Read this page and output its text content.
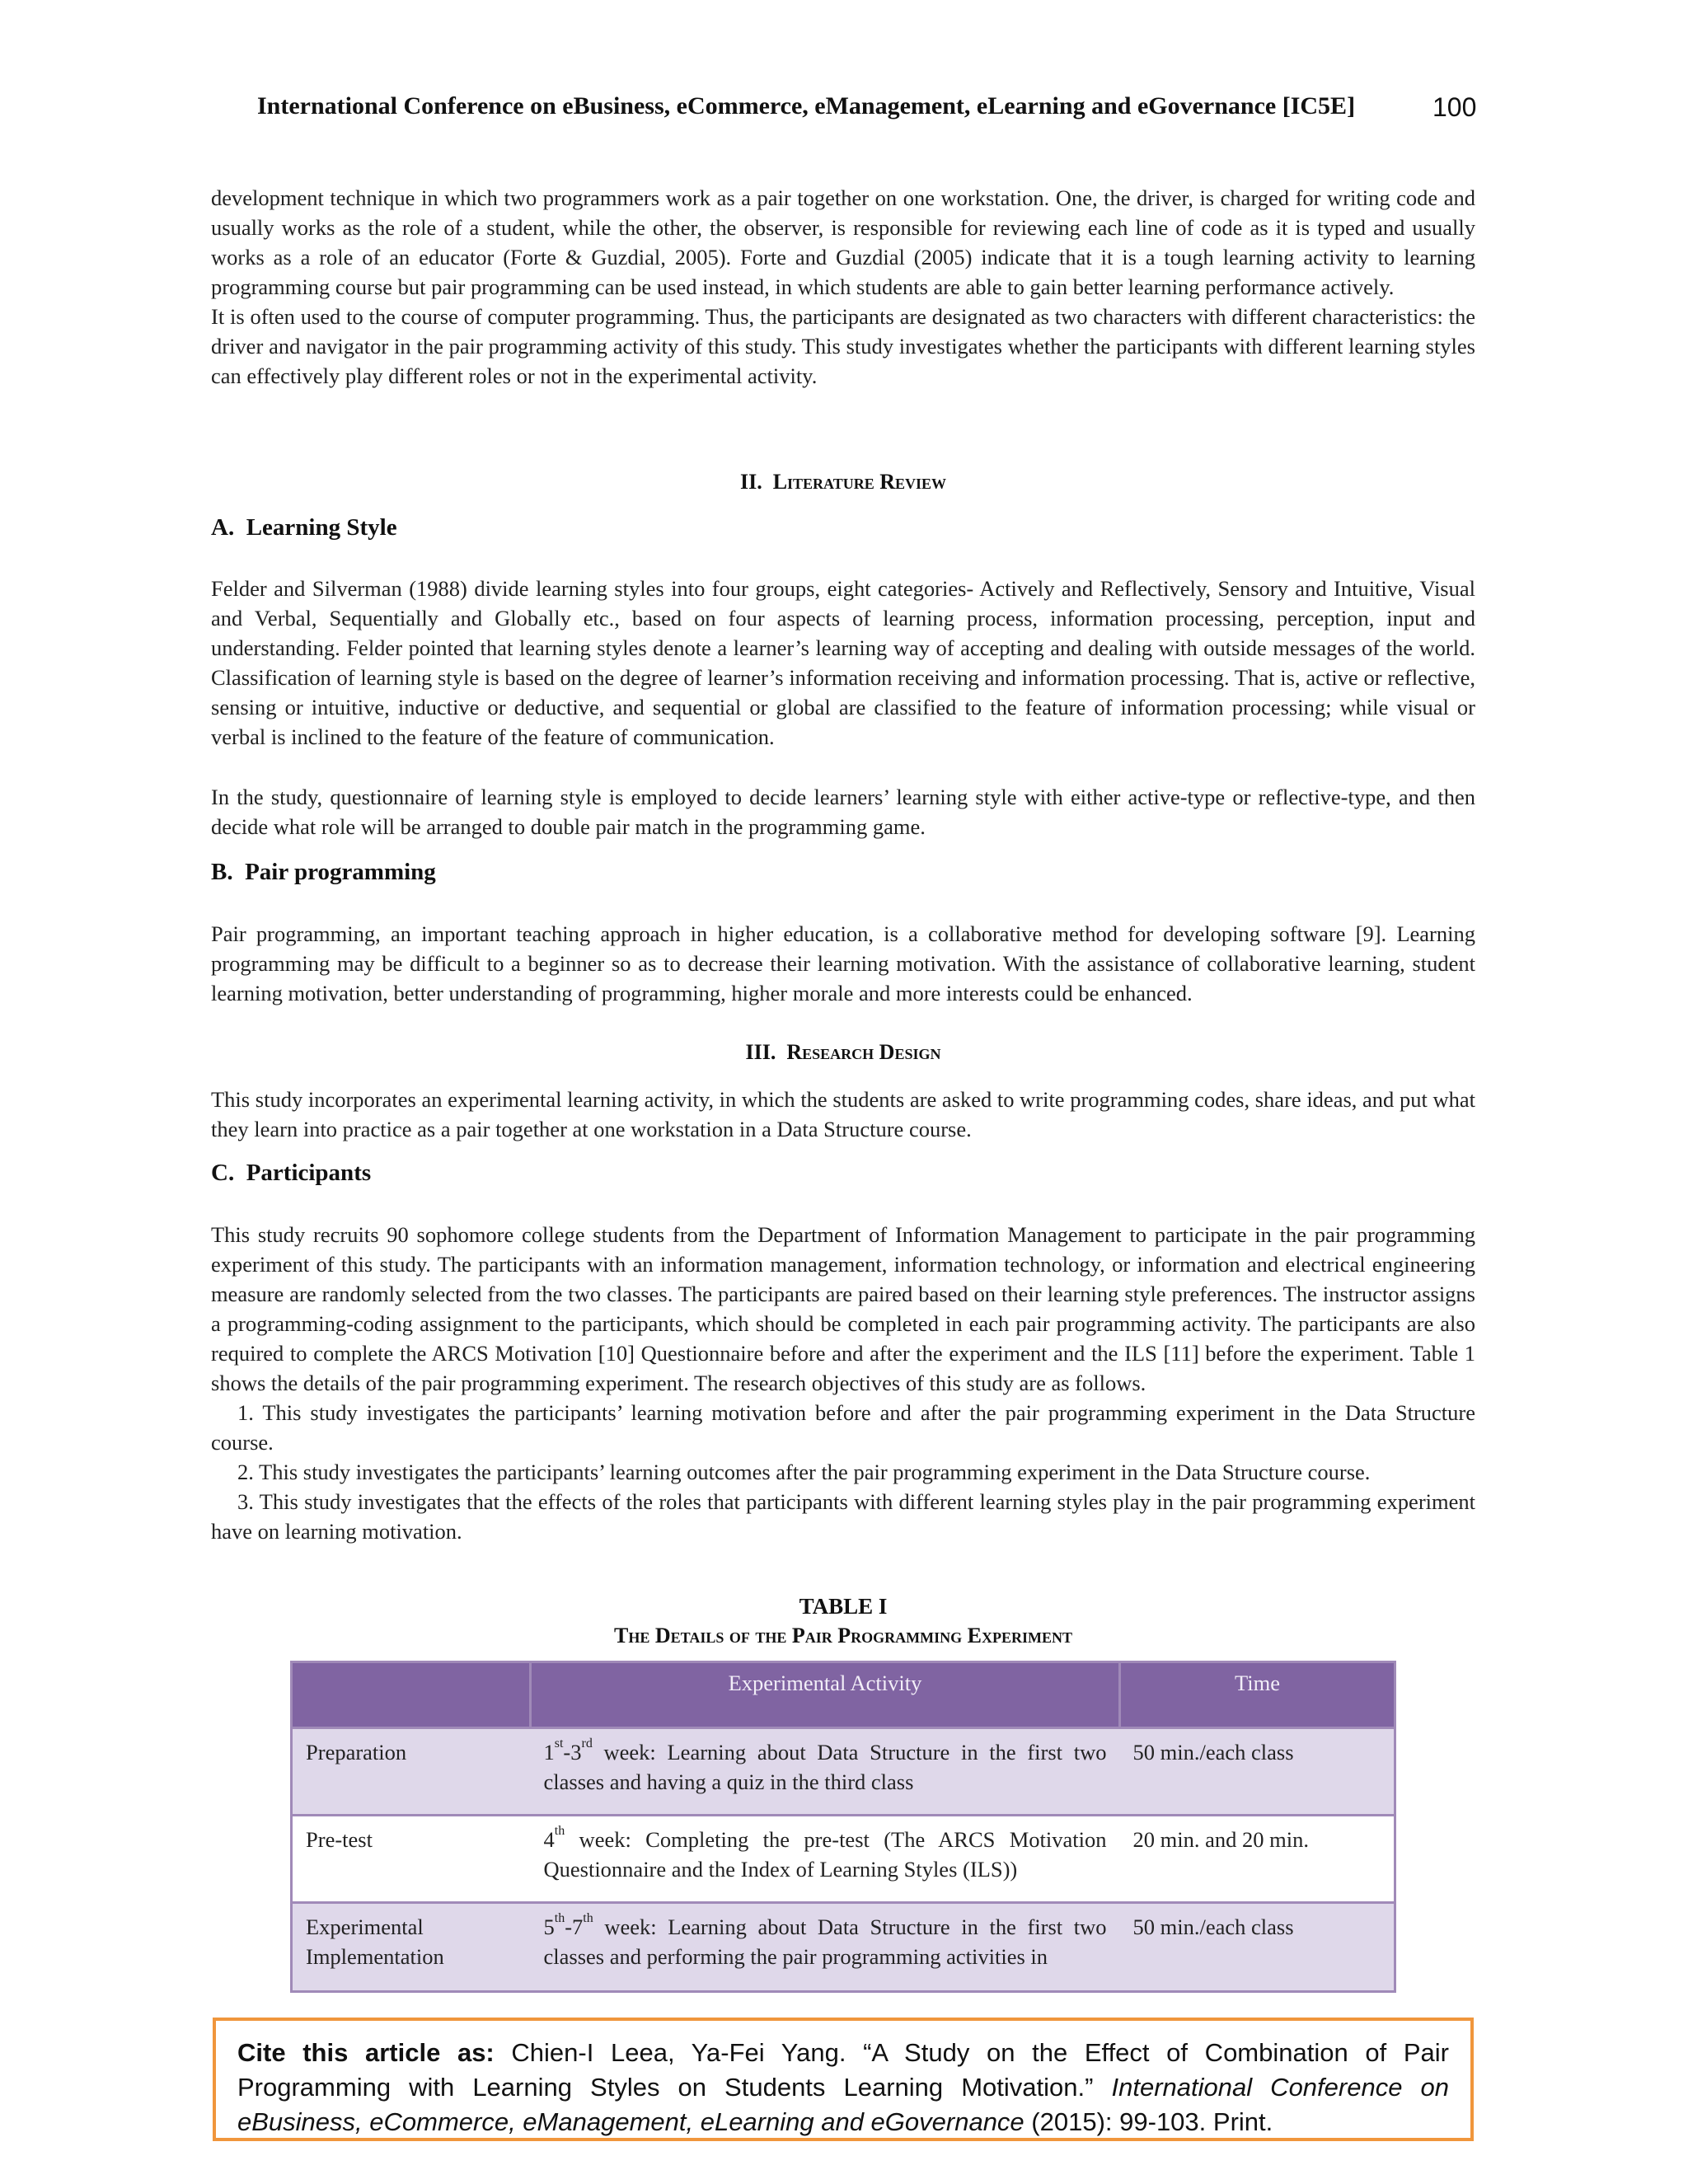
International Conference on eBusiness, eCommerce, eManagement, eLearning and eGovernance [IC5E]	100

development technique in which two programmers work as a pair together on one workstation. One, the driver, is charged for writing code and usually works as the role of a student, while the other, the observer, is responsible for reviewing each line of code as it is typed and usually works as a role of an educator (Forte & Guzdial, 2005). Forte and Guzdial (2005) indicate that it is a tough learning activity to learning programming course but pair programming can be used instead, in which students are able to gain better learning performance actively.

It is often used to the course of computer programming. Thus, the participants are designated as two characters with different characteristics: the driver and navigator in the pair programming activity of this study. This study investigates whether the participants with different learning styles can effectively play different roles or not in the experimental activity.

II. Literature Review
A. Learning Style

Felder and Silverman (1988) divide learning styles into four groups, eight categories- Actively and Reflectively, Sensory and Intuitive, Visual and Verbal, Sequentially and Globally etc., based on four aspects of learning process, information processing, perception, input and understanding. Felder pointed that learning styles denote a learner’s learning way of accepting and dealing with outside messages of the world. Classification of learning style is based on the degree of learner’s information receiving and information processing. That is, active or reflective, sensing or intuitive, inductive or deductive, and sequential or global are classified to the feature of information processing; while visual or verbal is inclined to the feature of the feature of communication.

In the study, questionnaire of learning style is employed to decide learners’ learning style with either active-type or reflective-type, and then decide what role will be arranged to double pair match in the programming game.

B. Pair programming

Pair programming, an important teaching approach in higher education, is a collaborative method for developing software [9]. Learning programming may be difficult to a beginner so as to decrease their learning motivation. With the assistance of collaborative learning, student learning motivation, better understanding of programming, higher morale and more interests could be enhanced.

III. Research Design

This study incorporates an experimental learning activity, in which the students are asked to write programming codes, share ideas, and put what they learn into practice as a pair together at one workstation in a Data Structure course.

C. Participants

This study recruits 90 sophomore college students from the Department of Information Management to participate in the pair programming experiment of this study. The participants with an information management, information technology, or information and electrical engineering measure are randomly selected from the two classes. The participants are paired based on their learning style preferences. The instructor assigns a programming-coding assignment to the participants, which should be completed in each pair programming activity. The participants are also required to complete the ARCS Motivation [10] Questionnaire before and after the experiment and the ILS [11] before the experiment. Table 1 shows the details of the pair programming experiment. The research objectives of this study are as follows.

1. This study investigates the participants’ learning motivation before and after the pair programming experiment in the Data Structure course.

2. This study investigates the participants’ learning outcomes after the pair programming experiment in the Data Structure course.

3. This study investigates that the effects of the roles that participants with different learning styles play in the pair programming experiment have on learning motivation.

TABLE I
The Details of the Pair Programming Experiment
	Experimental Activity	Time
Preparation	1st-3rd week: Learning about Data Structure in the first two classes and having a quiz in the third class	50 min./each class
Pre-test	4th week: Completing the pre-test (The ARCS Motivation Questionnaire and the Index of Learning Styles (ILS))	20 min. and 20 min.
Experimental Implementation	5th-7th week: Learning about Data Structure in the first two classes and performing the pair programming activities in	50 min./each class
Cite this article as: Chien-I Leea, Ya-Fei Yang. “A Study on the Effect of Combination of Pair Programming with Learning Styles on Students Learning Motivation.” International Conference on eBusiness, eCommerce, eManagement, eLearning and eGovernance (2015): 99-103. Print.
